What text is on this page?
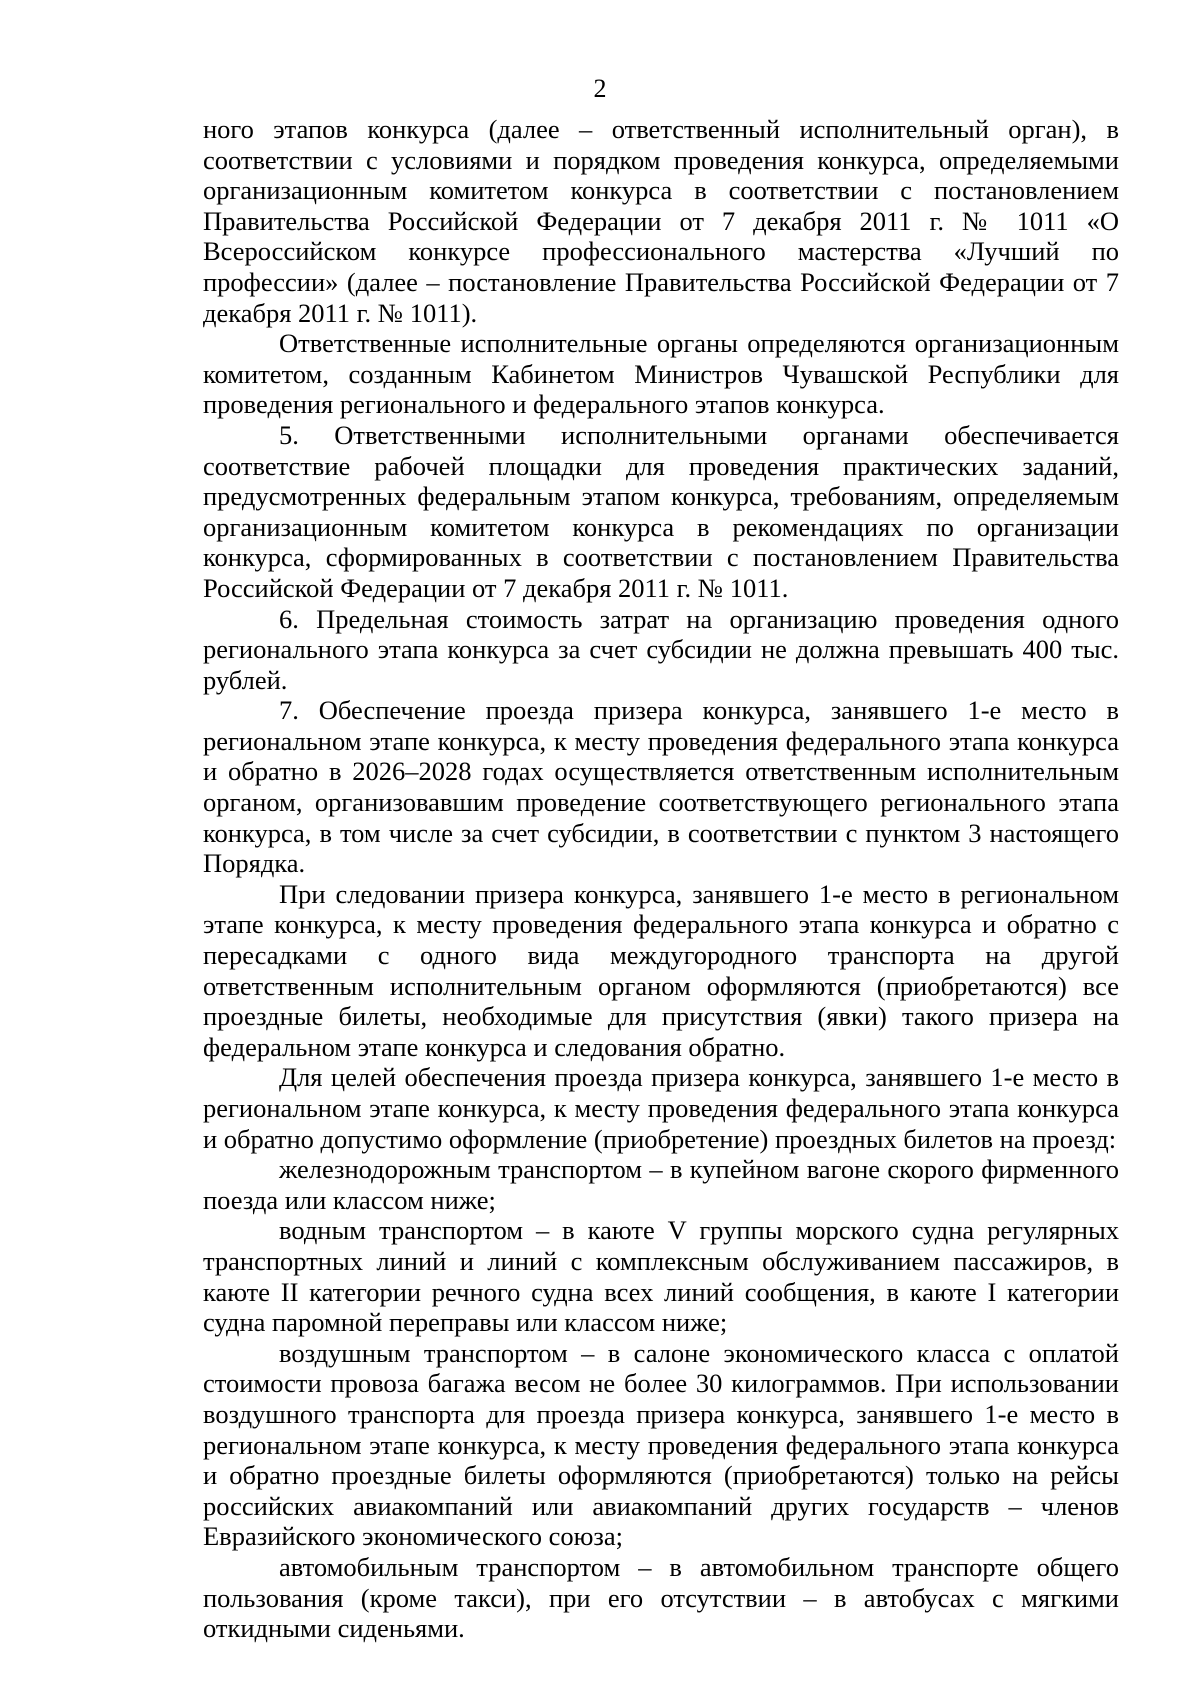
2

ного этапов конкурса (далее – ответственный исполнительный орган), в соответствии с условиями и порядком проведения конкурса, определяемыми организационным комитетом конкурса в соответствии с постановлением Правительства Российской Федерации от 7 декабря 2011 г. № 1011 «О Всероссийском конкурсе профессионального мастерства «Лучший по профессии» (далее – постановление Правительства Российской Федерации от 7 декабря 2011 г. № 1011).

Ответственные исполнительные органы определяются организационным комитетом, созданным Кабинетом Министров Чувашской Республики для проведения регионального и федерального этапов конкурса.

5. Ответственными исполнительными органами обеспечивается соответствие рабочей площадки для проведения практических заданий, предусмотренных федеральным этапом конкурса, требованиям, определяемым организационным комитетом конкурса в рекомендациях по организации конкурса, сформированных в соответствии с постановлением Правительства Российской Федерации от 7 декабря 2011 г. № 1011.

6. Предельная стоимость затрат на организацию проведения одного регионального этапа конкурса за счет субсидии не должна превышать 400 тыс. рублей.

7. Обеспечение проезда призера конкурса, занявшего 1-е место в региональном этапе конкурса, к месту проведения федерального этапа конкурса и обратно в 2026–2028 годах осуществляется ответственным исполнительным органом, организовавшим проведение соответствующего регионального этапа конкурса, в том числе за счет субсидии, в соответствии с пунктом 3 настоящего Порядка.

При следовании призера конкурса, занявшего 1-е место в региональном этапе конкурса, к месту проведения федерального этапа конкурса и обратно с пересадками с одного вида междугородного транспорта на другой ответственным исполнительным органом оформляются (приобретаются) все проездные билеты, необходимые для присутствия (явки) такого призера на федеральном этапе конкурса и следования обратно.

Для целей обеспечения проезда призера конкурса, занявшего 1-е место в региональном этапе конкурса, к месту проведения федерального этапа конкурса и обратно допустимо оформление (приобретение) проездных билетов на проезд:

железнодорожным транспортом – в купейном вагоне скорого фирменного поезда или классом ниже;

водным транспортом – в каюте V группы морского судна регулярных транспортных линий и линий с комплексным обслуживанием пассажиров, в каюте II категории речного судна всех линий сообщения, в каюте I категории судна паромной переправы или классом ниже;

воздушным транспортом – в салоне экономического класса с оплатой стоимости провоза багажа весом не более 30 килограммов. При использовании воздушного транспорта для проезда призера конкурса, занявшего 1-е место в региональном этапе конкурса, к месту проведения федерального этапа конкурса и обратно проездные билеты оформляются (приобретаются) только на рейсы российских авиакомпаний или авиакомпаний других государств – членов Евразийского экономического союза;

автомобильным транспортом – в автомобильном транспорте общего пользования (кроме такси), при его отсутствии – в автобусах с мягкими откидными сиденьями.
